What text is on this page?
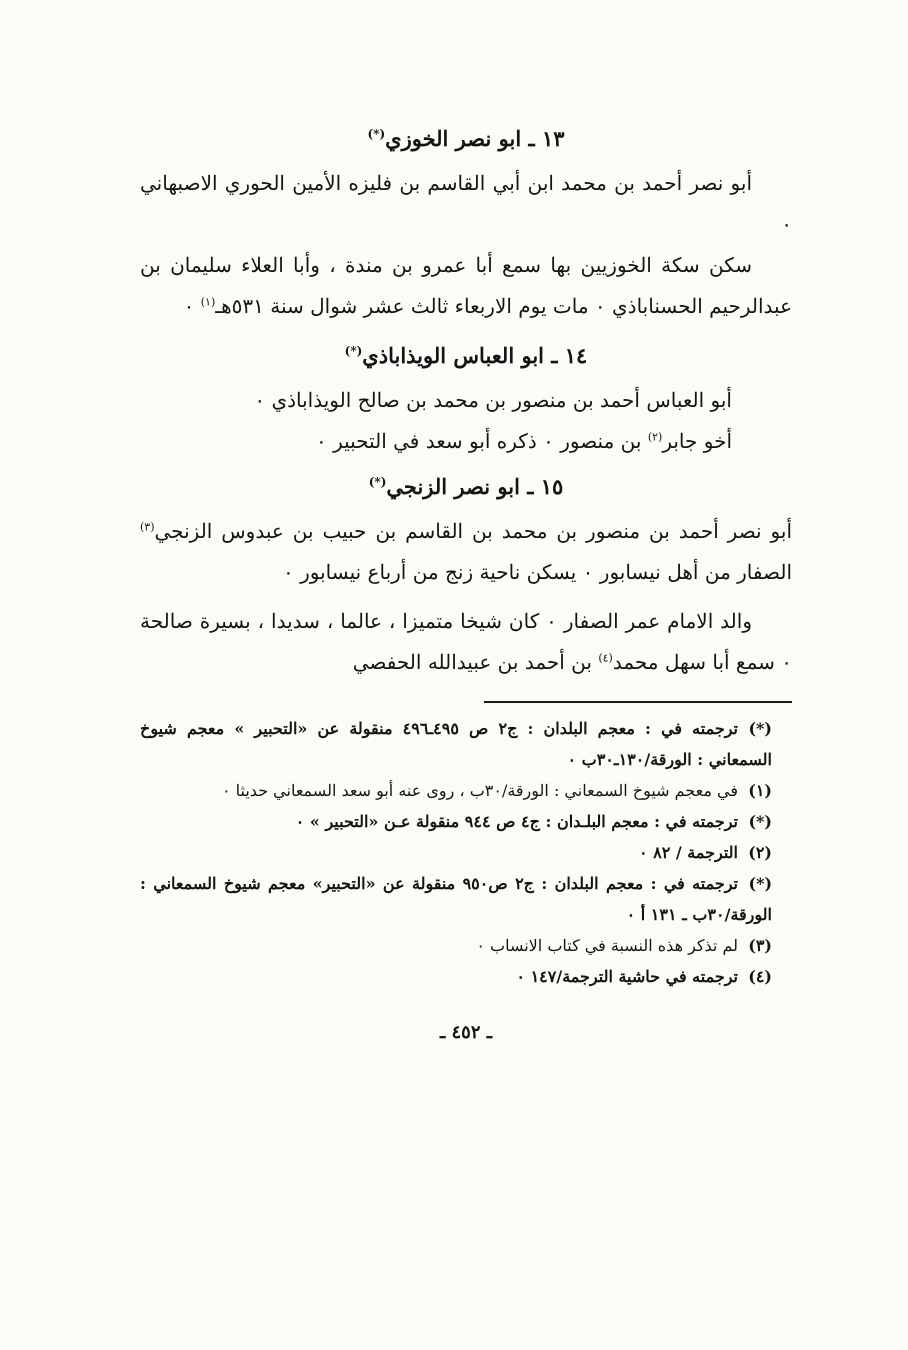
١٣ ـ ابو نصر الخوزي(*)

أبو نصر أحمد بن محمد ابن أبي القاسم بن فليزه الأمين الحوري الاصبهاني ٠

سكن سكة الخوزيين بها سمع أبا عمرو بن مندة ، وأبا العلاء سليمان بن عبدالرحيم الحسناباذي ٠ مات يوم الاربعاء ثالث عشر شوال سنة ٥٣١هـ$^{(١)}$ ٠

١٤ ـ ابو العباس الويذاباذي(*)

أبو العباس أحمد بن منصور بن محمد بن صالح الويذاباذي ٠

أخو جابر$^{(٢)}$ بن منصور ٠ ذكره أبو سعد في التحبير ٠

١٥ ـ ابو نصر الزنجي(*)

أبو نصر أحمد بن منصور بن محمد بن القاسم بن حبيب بن عبدوس الزنجي$^{(٣)}$ الصفار من أهل نيسابور ٠ يسكن ناحية زنج من أرباع نيسابور ٠

والد الامام عمر الصفار ٠ كان شيخا متميزا ، عالما ، سديدا ، بسيرة صالحة ٠ سمع أبا سهل محمد$^{(٤)}$ بن أحمد بن عبيدالله الحفصي

(*)ترجمته في : معجم البلدان : ج٢ ص ٤٩٥ـ٤٩٦ منقولة عن «التحبير » معجم شيوخ السمعاني : الورقة/١٣٠ـ٣٠ب ٠

(١)في معجم شيوخ السمعاني : الورقة/٣٠ب ، روى عنه أبو سعد السمعاني حديثا ٠

(*)ترجمته في : معجم البلـدان : ج٤ ص ٩٤٤ منقولة عـن «التحبير » ٠

(٢)الترجمة / ٨٢ ٠

(*)ترجمته في : معجم البلدان : ج٢ ص٩٥٠ منقولة عن «التحبير» معجم شيوخ السمعاني : الورقة/٣٠ب ـ ١٣١ أ ٠

(٣)لم تذكر هذه النسبة في كتاب الانساب ٠

(٤)ترجمته في حاشية الترجمة/١٤٧ ٠

ـ ٤٥٢ ـ
